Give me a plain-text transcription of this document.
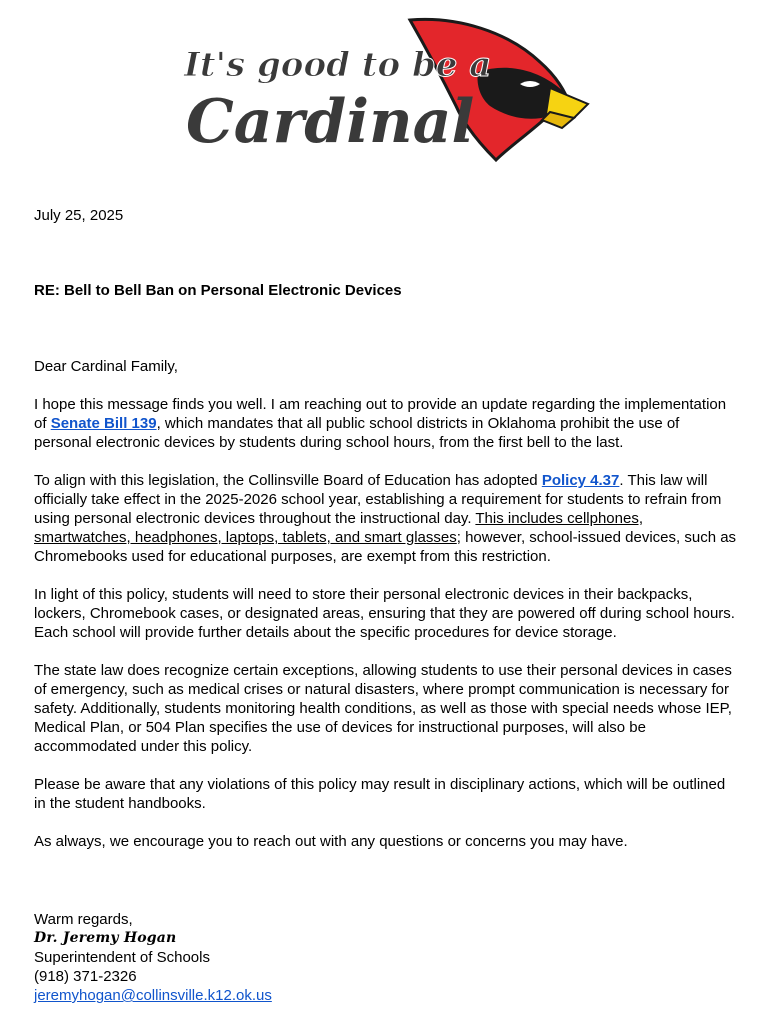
It's good to be a
Cardinal
July 25, 2025
RE: Bell to Bell Ban on Personal Electronic Devices

Dear Cardinal Family,

I hope this message finds you well. I am reaching out to provide an update regarding the implementation of Senate Bill 139, which mandates that all public school districts in Oklahoma prohibit the use of personal electronic devices by students during school hours, from the first bell to the last.

To align with this legislation, the Collinsville Board of Education has adopted Policy 4.37. This law will officially take effect in the 2025-2026 school year, establishing a requirement for students to refrain from using personal electronic devices throughout the instructional day. This includes cellphones, smartwatches, headphones, laptops, tablets, and smart glasses; however, school-issued devices, such as Chromebooks used for educational purposes, are exempt from this restriction.

In light of this policy, students will need to store their personal electronic devices in their backpacks, lockers, Chromebook cases, or designated areas, ensuring that they are powered off during school hours. Each school will provide further details about the specific procedures for device storage.

The state law does recognize certain exceptions, allowing students to use their personal devices in cases of emergency, such as medical crises or natural disasters, where prompt communication is necessary for safety. Additionally, students monitoring health conditions, as well as those with special needs whose IEP, Medical Plan, or 504 Plan specifies the use of devices for instructional purposes, will also be accommodated under this policy.

Please be aware that any violations of this policy may result in disciplinary actions, which will be outlined in the student handbooks.

As always, we encourage you to reach out with any questions or concerns you may have.

Warm regards,
Dr. Jeremy Hogan
Superintendent of Schools
(918) 371-2326
jeremyhogan@collinsville.k12.ok.us
